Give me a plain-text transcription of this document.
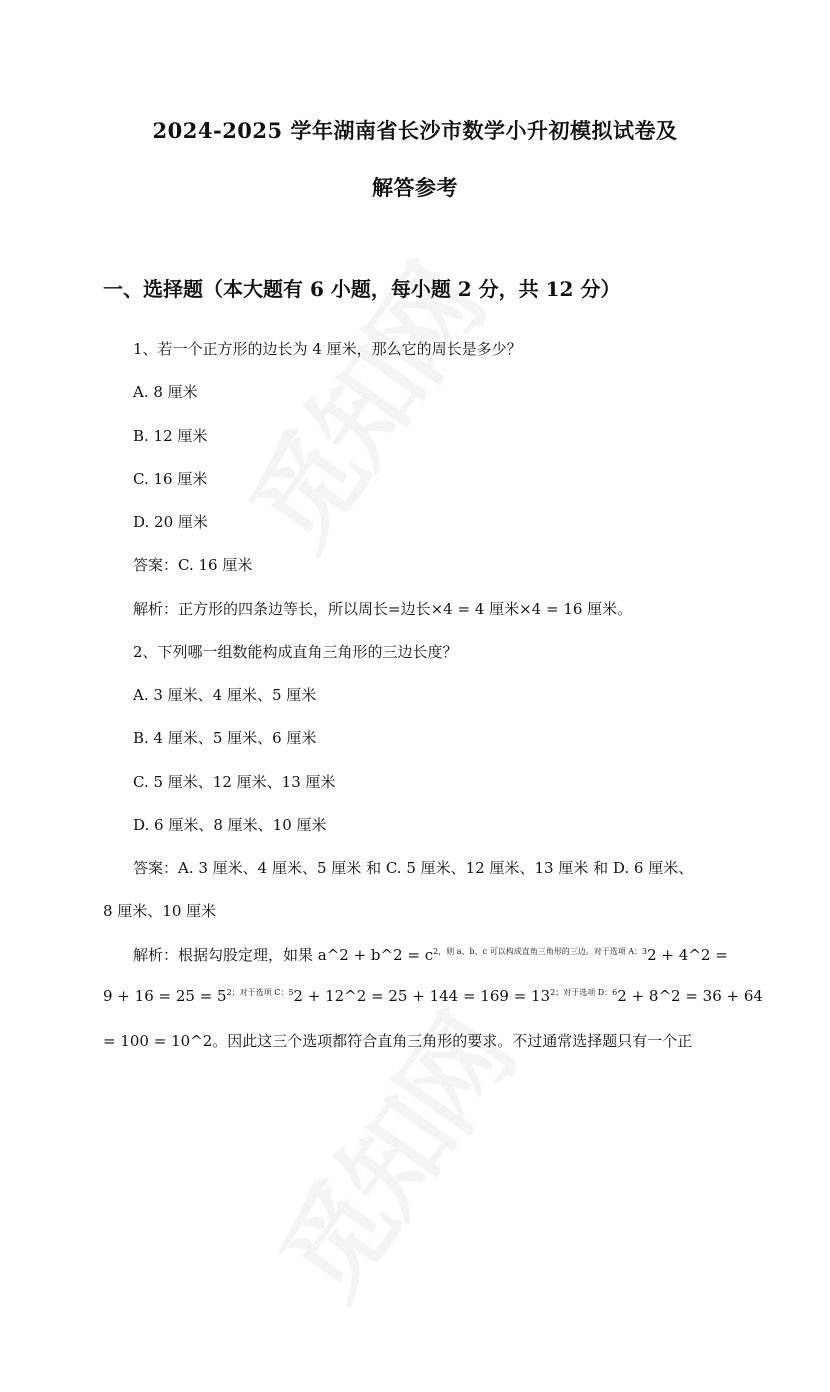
2024-2025 学年湖南省长沙市数学小升初模拟试卷及
解答参考
一、选择题（本大题有 6 小题，每小题 2 分，共 12 分）
1、若一个正方形的边长为 4 厘米，那么它的周长是多少？
A. 8 厘米
B. 12 厘米
C. 16 厘米
D. 20 厘米
答案：C. 16 厘米
解析：正方形的四条边等长，所以周长=边长×4 = 4 厘米×4 = 16 厘米。
2、下列哪一组数能构成直角三角形的三边长度？
A. 3 厘米、4 厘米、5 厘米
B. 4 厘米、5 厘米、6 厘米
C. 5 厘米、12 厘米、13 厘米
D. 6 厘米、8 厘米、10 厘米
答案：A. 3 厘米、4 厘米、5 厘米 和 C. 5 厘米、12 厘米、13 厘米 和 D. 6 厘米、
8 厘米、10 厘米
解析：根据勾股定理，如果 a^2 + b^2 = $c^{2,则 a、b、c 可以构成直角三角形的三边。对于选项 A:3}2$ + 4^2 =
$9 + 16 = 25 = 5^{2;对于选项 C:5}2$ + 12^2 = $25 + 144 = 169 = 13^{2;对于选项 D:6}2$ + 8^2 = 36 + 64
= 100 = 10^2。因此这三个选项都符合直角三角形的要求。不过通常选择题只有一个正
